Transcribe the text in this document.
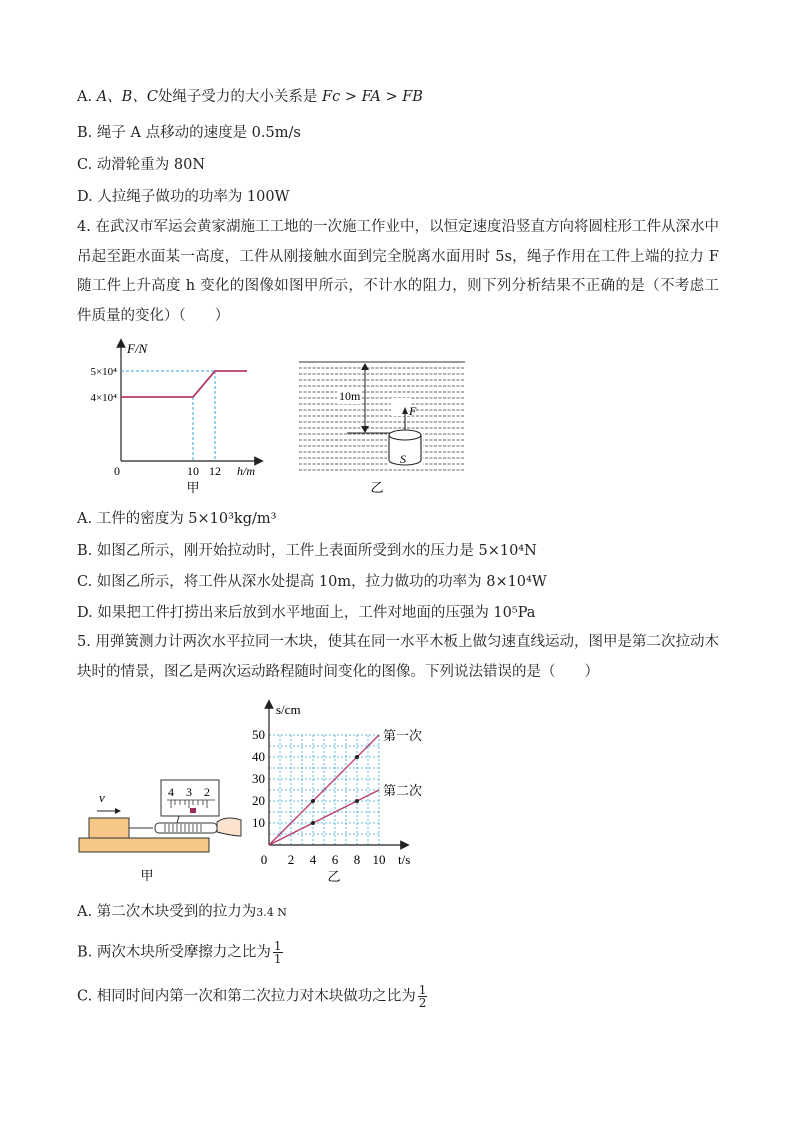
A. A、B、C处绳子受力的大小关系是 Fc > FA > FB
B. 绳子 A 点移动的速度是 0.5m/s
C. 动滑轮重为 80N
D. 人拉绳子做功的功率为 100W
4. 在武汉市军运会黄家湖施工工地的一次施工作业中，以恒定速度沿竖直方向将圆柱形工件从深水中吊起至距水面某一高度，工件从刚接触水面到完全脱离水面用时 5s，绳子作用在工件上端的拉力 F 随工件上升高度 h 变化的图像如图甲所示，不计水的阻力，则下列分析结果不正确的是（不考虑工件质量的变化）（　　）
F/N
5×10⁴
4×10⁴
0	10 12 h/m
甲
10m
F
S
乙
A. 工件的密度为 5×10³kg/m³
B. 如图乙所示，刚开始拉动时，工件上表面所受到水的压力是 5×10⁴N
C. 如图乙所示，将工件从深水处提高 10m，拉力做功的功率为 8×10⁴W
D. 如果把工件打捞出来后放到水平地面上，工件对地面的压强为 10⁵Pa
5. 用弹簧测力计两次水平拉同一木块，使其在同一水平木板上做匀速直线运动，图甲是第二次拉动木块时的情景，图乙是两次运动路程随时间变化的图像。下列说法错误的是（　　）
v	4 3 2
甲
2 4 6 8 10
10
20
30
40
50	第一次
第二次
s/cm
t/s
0
乙
A. 第二次木块受到的拉力为3.4 N
B. 两次木块所受摩擦力之比为 $\frac{1}{1}$
C. 相同时间内第一次和第二次拉力对木块做功之比为 $\frac{1}{2}$
